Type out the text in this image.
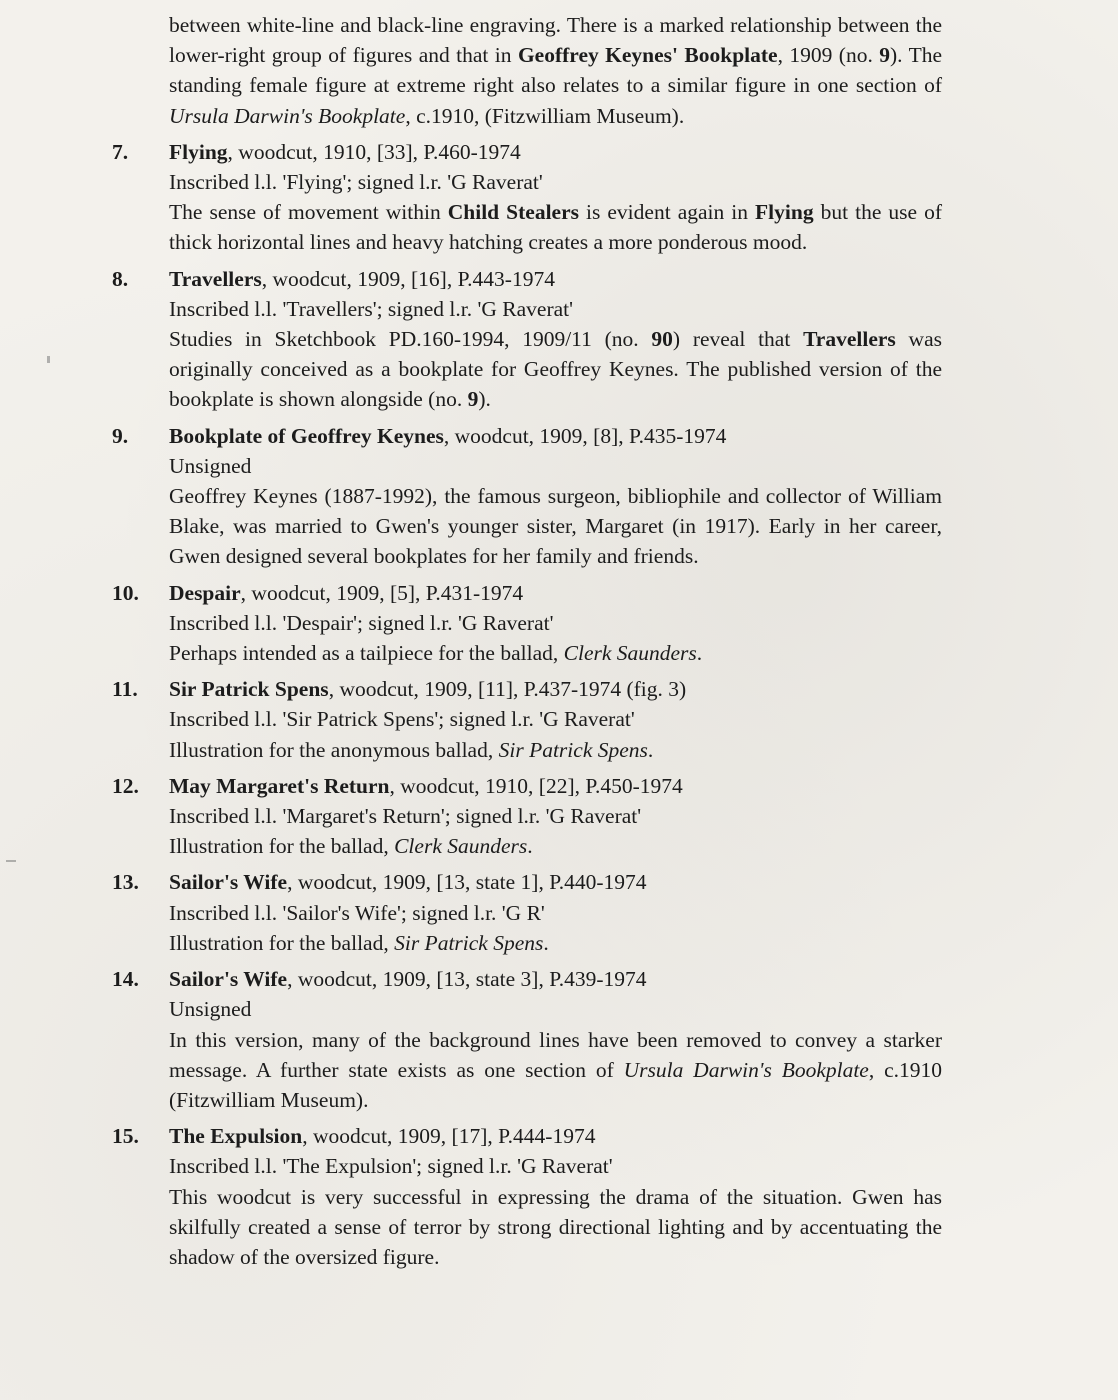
between white-line and black-line engraving. There is a marked relationship between the lower-right group of figures and that in Geoffrey Keynes' Bookplate, 1909 (no. 9). The standing female figure at extreme right also relates to a similar figure in one section of Ursula Darwin's Bookplate, c.1910, (Fitzwilliam Museum).
7. Flying, woodcut, 1910, [33], P.460-1974
Inscribed l.l. 'Flying'; signed l.r. 'G Raverat'
The sense of movement within Child Stealers is evident again in Flying but the use of thick horizontal lines and heavy hatching creates a more ponderous mood.
8. Travellers, woodcut, 1909, [16], P.443-1974
Inscribed l.l. 'Travellers'; signed l.r. 'G Raverat'
Studies in Sketchbook PD.160-1994, 1909/11 (no. 90) reveal that Travellers was originally conceived as a bookplate for Geoffrey Keynes. The published version of the bookplate is shown alongside (no. 9).
9. Bookplate of Geoffrey Keynes, woodcut, 1909, [8], P.435-1974
Unsigned
Geoffrey Keynes (1887-1992), the famous surgeon, bibliophile and collector of William Blake, was married to Gwen's younger sister, Margaret (in 1917). Early in her career, Gwen designed several bookplates for her family and friends.
10. Despair, woodcut, 1909, [5], P.431-1974
Inscribed l.l. 'Despair'; signed l.r. 'G Raverat'
Perhaps intended as a tailpiece for the ballad, Clerk Saunders.
11. Sir Patrick Spens, woodcut, 1909, [11], P.437-1974 (fig. 3)
Inscribed l.l. 'Sir Patrick Spens'; signed l.r. 'G Raverat'
Illustration for the anonymous ballad, Sir Patrick Spens.
12. May Margaret's Return, woodcut, 1910, [22], P.450-1974
Inscribed l.l. 'Margaret's Return'; signed l.r. 'G Raverat'
Illustration for the ballad, Clerk Saunders.
13. Sailor's Wife, woodcut, 1909, [13, state 1], P.440-1974
Inscribed l.l. 'Sailor's Wife'; signed l.r. 'G R'
Illustration for the ballad, Sir Patrick Spens.
14. Sailor's Wife, woodcut, 1909, [13, state 3], P.439-1974
Unsigned
In this version, many of the background lines have been removed to convey a starker message. A further state exists as one section of Ursula Darwin's Bookplate, c.1910 (Fitzwilliam Museum).
15. The Expulsion, woodcut, 1909, [17], P.444-1974
Inscribed l.l. 'The Expulsion'; signed l.r. 'G Raverat'
This woodcut is very successful in expressing the drama of the situation. Gwen has skilfully created a sense of terror by strong directional lighting and by accentuating the shadow of the oversized figure.
